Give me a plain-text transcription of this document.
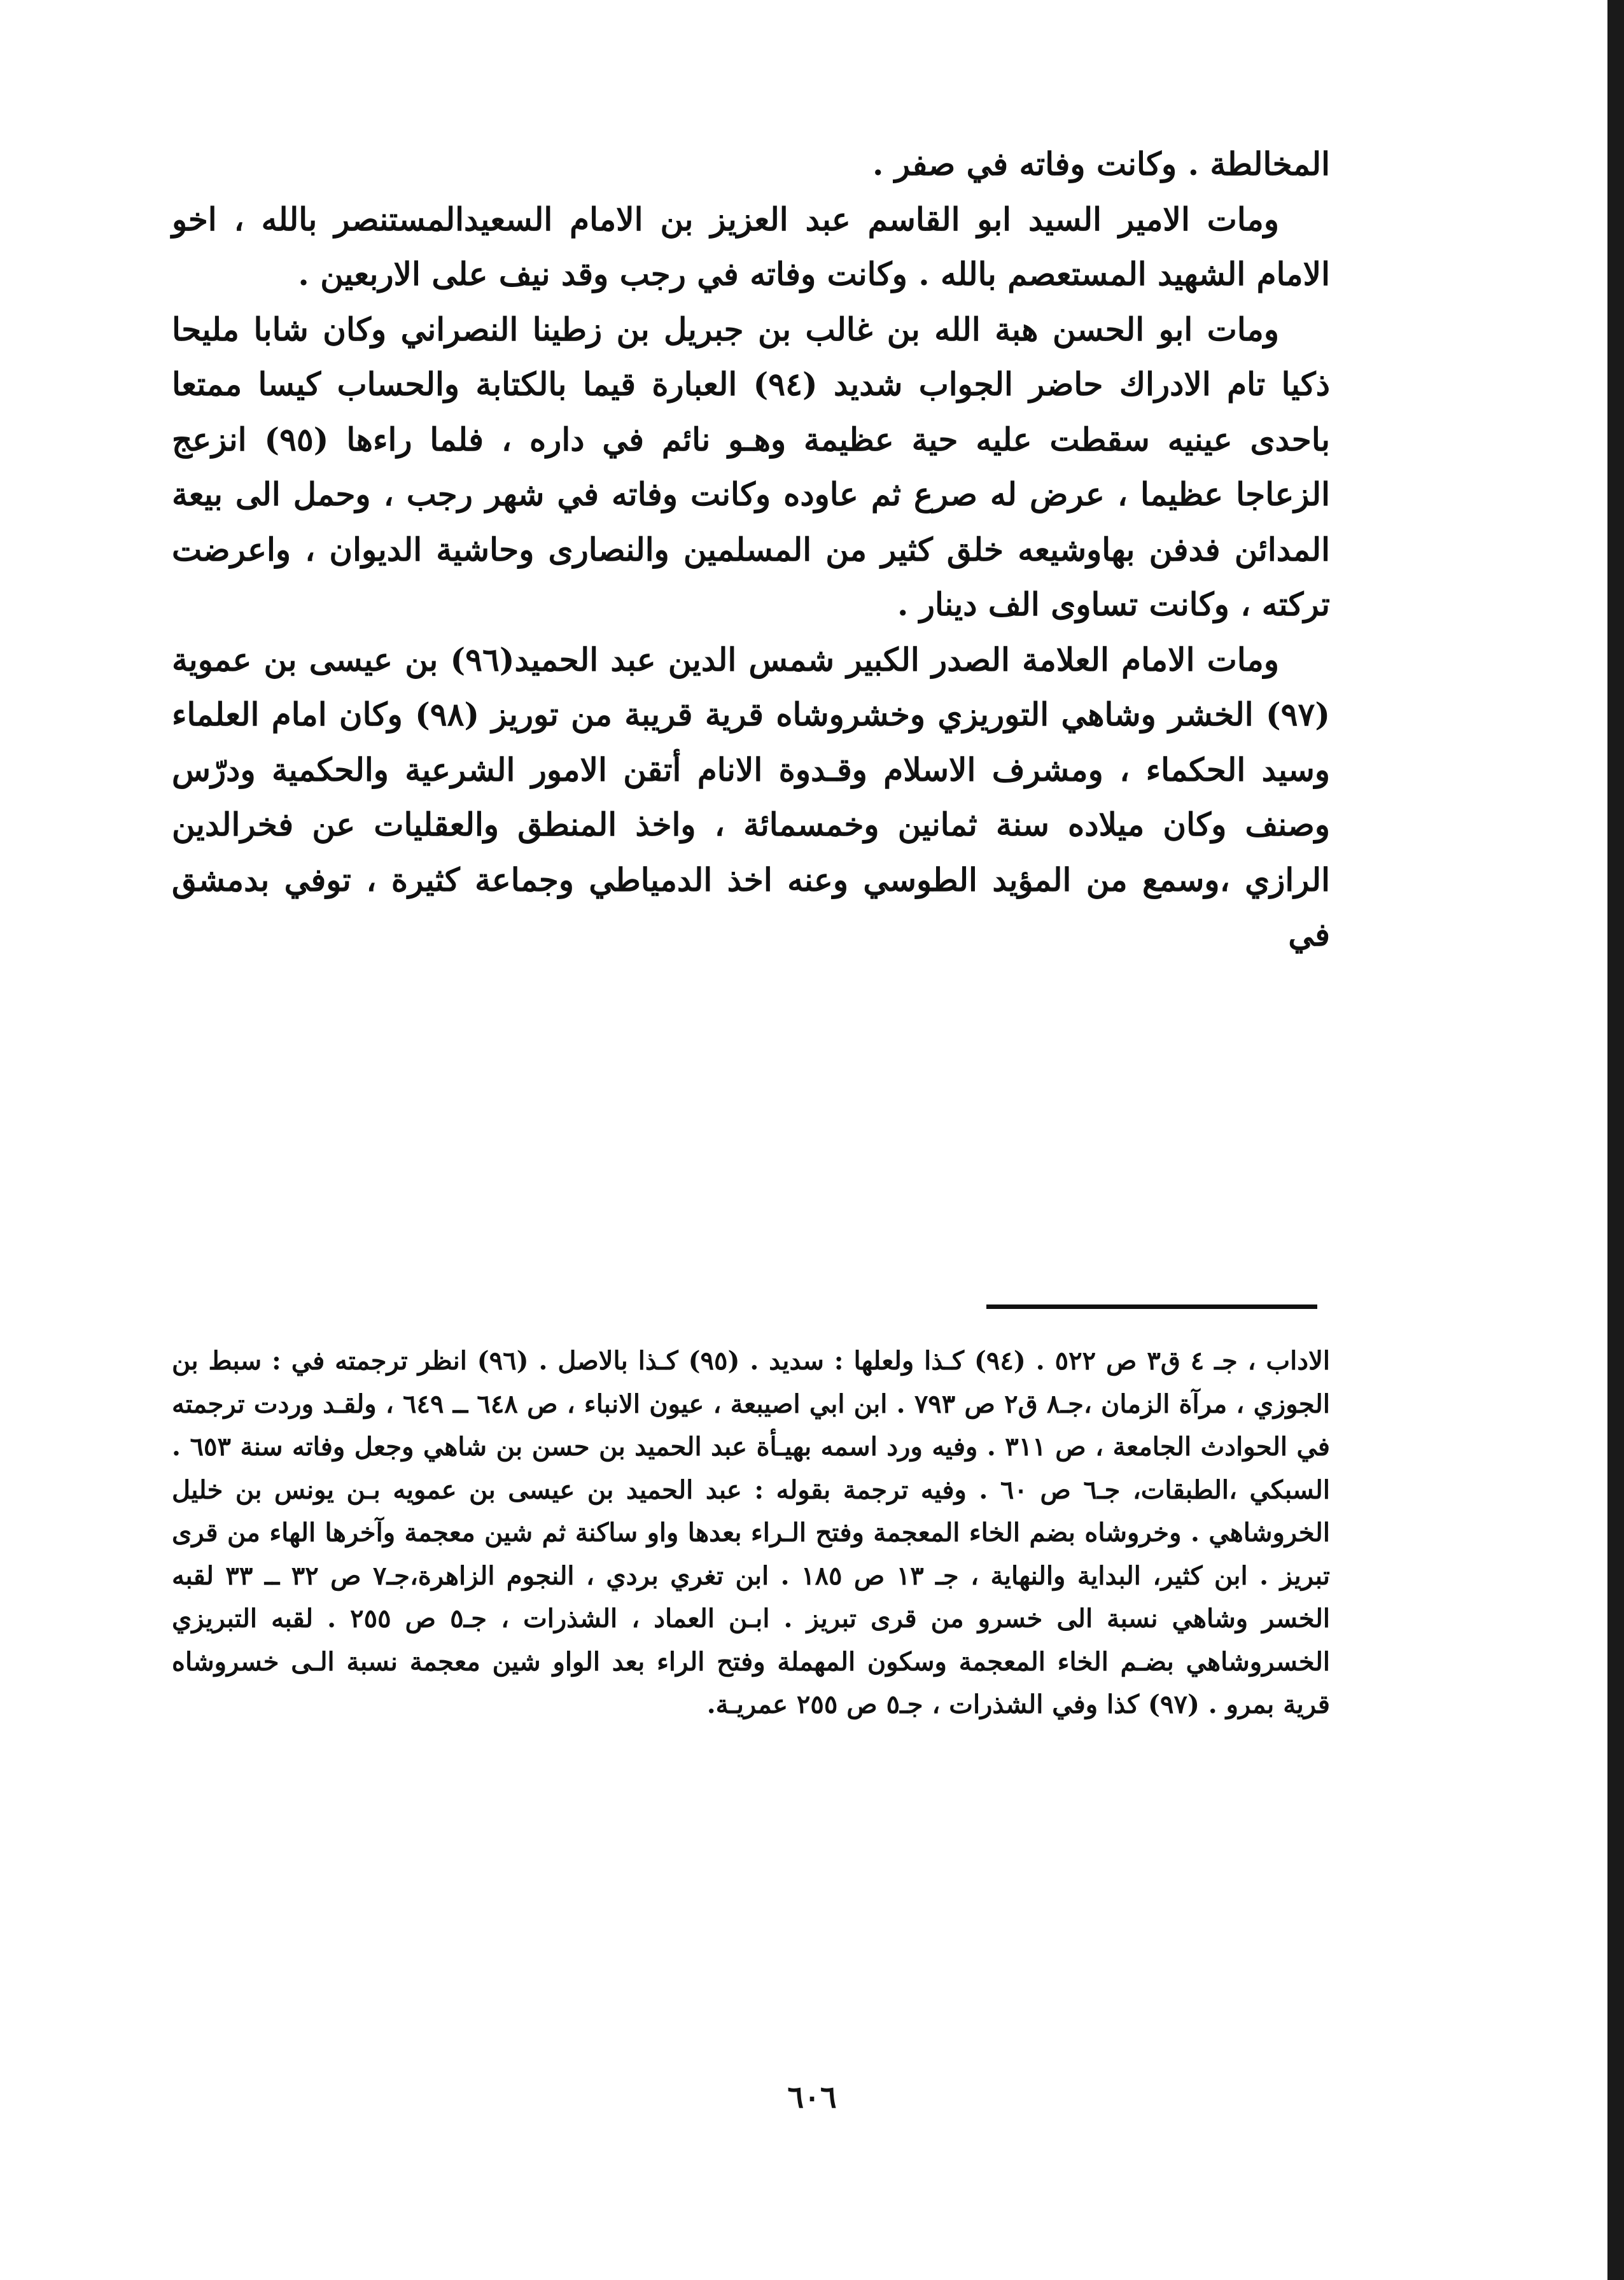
المخالطة . وكانت وفاته في صفر .

ومات الامير السيد ابو القاسم عبد العزيز بن الامام السعيدالمستنصر بالله ، اخو الامام الشهيد المستعصم بالله . وكانت وفاته في رجب وقد نيف على الاربعين .

ومات ابو الحسن هبة الله بن غالب بن جبريل بن زطينا النصراني وكان شابا مليحا ذكيا تام الادراك حاضر الجواب شديد (٩٤) العبارة قيما بالكتابة والحساب كيسا ممتعا باحدى عينيه سقطت عليه حية عظيمة وهـو نائم في داره ، فلما راءها (٩٥) انزعج الزعاجا عظيما ، عرض له صرع ثم عاوده وكانت وفاته في شهر رجب ، وحمل الى بيعة المدائن فدفن بهاوشيعه خلق كثير من المسلمين والنصارى وحاشية الديوان ، واعرضت تركته ، وكانت تساوى الف دينار .

ومات الامام العلامة الصدر الكبير شمس الدين عبد الحميد(٩٦) بن عيسى بن عموية (٩٧) الخشر وشاهي التوريزي وخشروشاه قرية قريبة من توريز (٩٨) وكان امام العلماء وسيد الحكماء ، ومشرف الاسلام وقـدوة الانام أتقن الامور الشرعية والحكمية ودرّس وصنف وكان ميلاده سنة ثمانين وخمسمائة ، واخذ المنطق والعقليات عن فخرالدين الرازي ،وسمع من المؤيد الطوسي وعنه اخذ الدمياطي وجماعة كثيرة ، توفي بدمشق في

الاداب ، جـ ٤ ق٣ ص ٥٢٢ . (٩٤) كـذا ولعلها : سديد . (٩٥) كـذا بالاصل . (٩٦) انظر ترجمته في : سبط بن الجوزي ، مرآة الزمان ،جـ٨ ق٢ ص ٧٩٣ . ابن ابي اصيبعة ، عيون الانباء ، ص ٦٤٨ ــ ٦٤٩ ، ولقـد وردت ترجمته في الحوادث الجامعة ، ص ٣١١ . وفيه ورد اسمه بهيـأة عبد الحميد بن حسن بن شاهي وجعل وفاته سنة ٦٥٣ . السبكي ،الطبقات، جـ٦ ص ٦٠ . وفيه ترجمة بقوله : عبد الحميد بن عيسى بن عمويه بـن يونس بن خليل الخروشاهي . وخروشاه بضم الخاء المعجمة وفتح الـراء بعدها واو ساكنة ثم شين معجمة وآخرها الهاء من قرى تبريز . ابن كثير، البداية والنهاية ، جـ ١٣ ص ١٨٥ . ابن تغري بردي ، النجوم الزاهرة،جـ٧ ص ٣٢ ــ ٣٣ لقبه الخسر وشاهي نسبة الى خسرو من قرى تبريز . ابـن العماد ، الشذرات ، جـ٥ ص ٢٥٥ . لقبه التبريزي الخسروشاهي بضـم الخاء المعجمة وسكون المهملة وفتح الراء بعد الواو شين معجمة نسبة الـى خسروشاه قرية بمرو . (٩٧) كذا وفي الشذرات ، جـ٥ ص ٢٥٥ عمريـة.

٦٠٦
